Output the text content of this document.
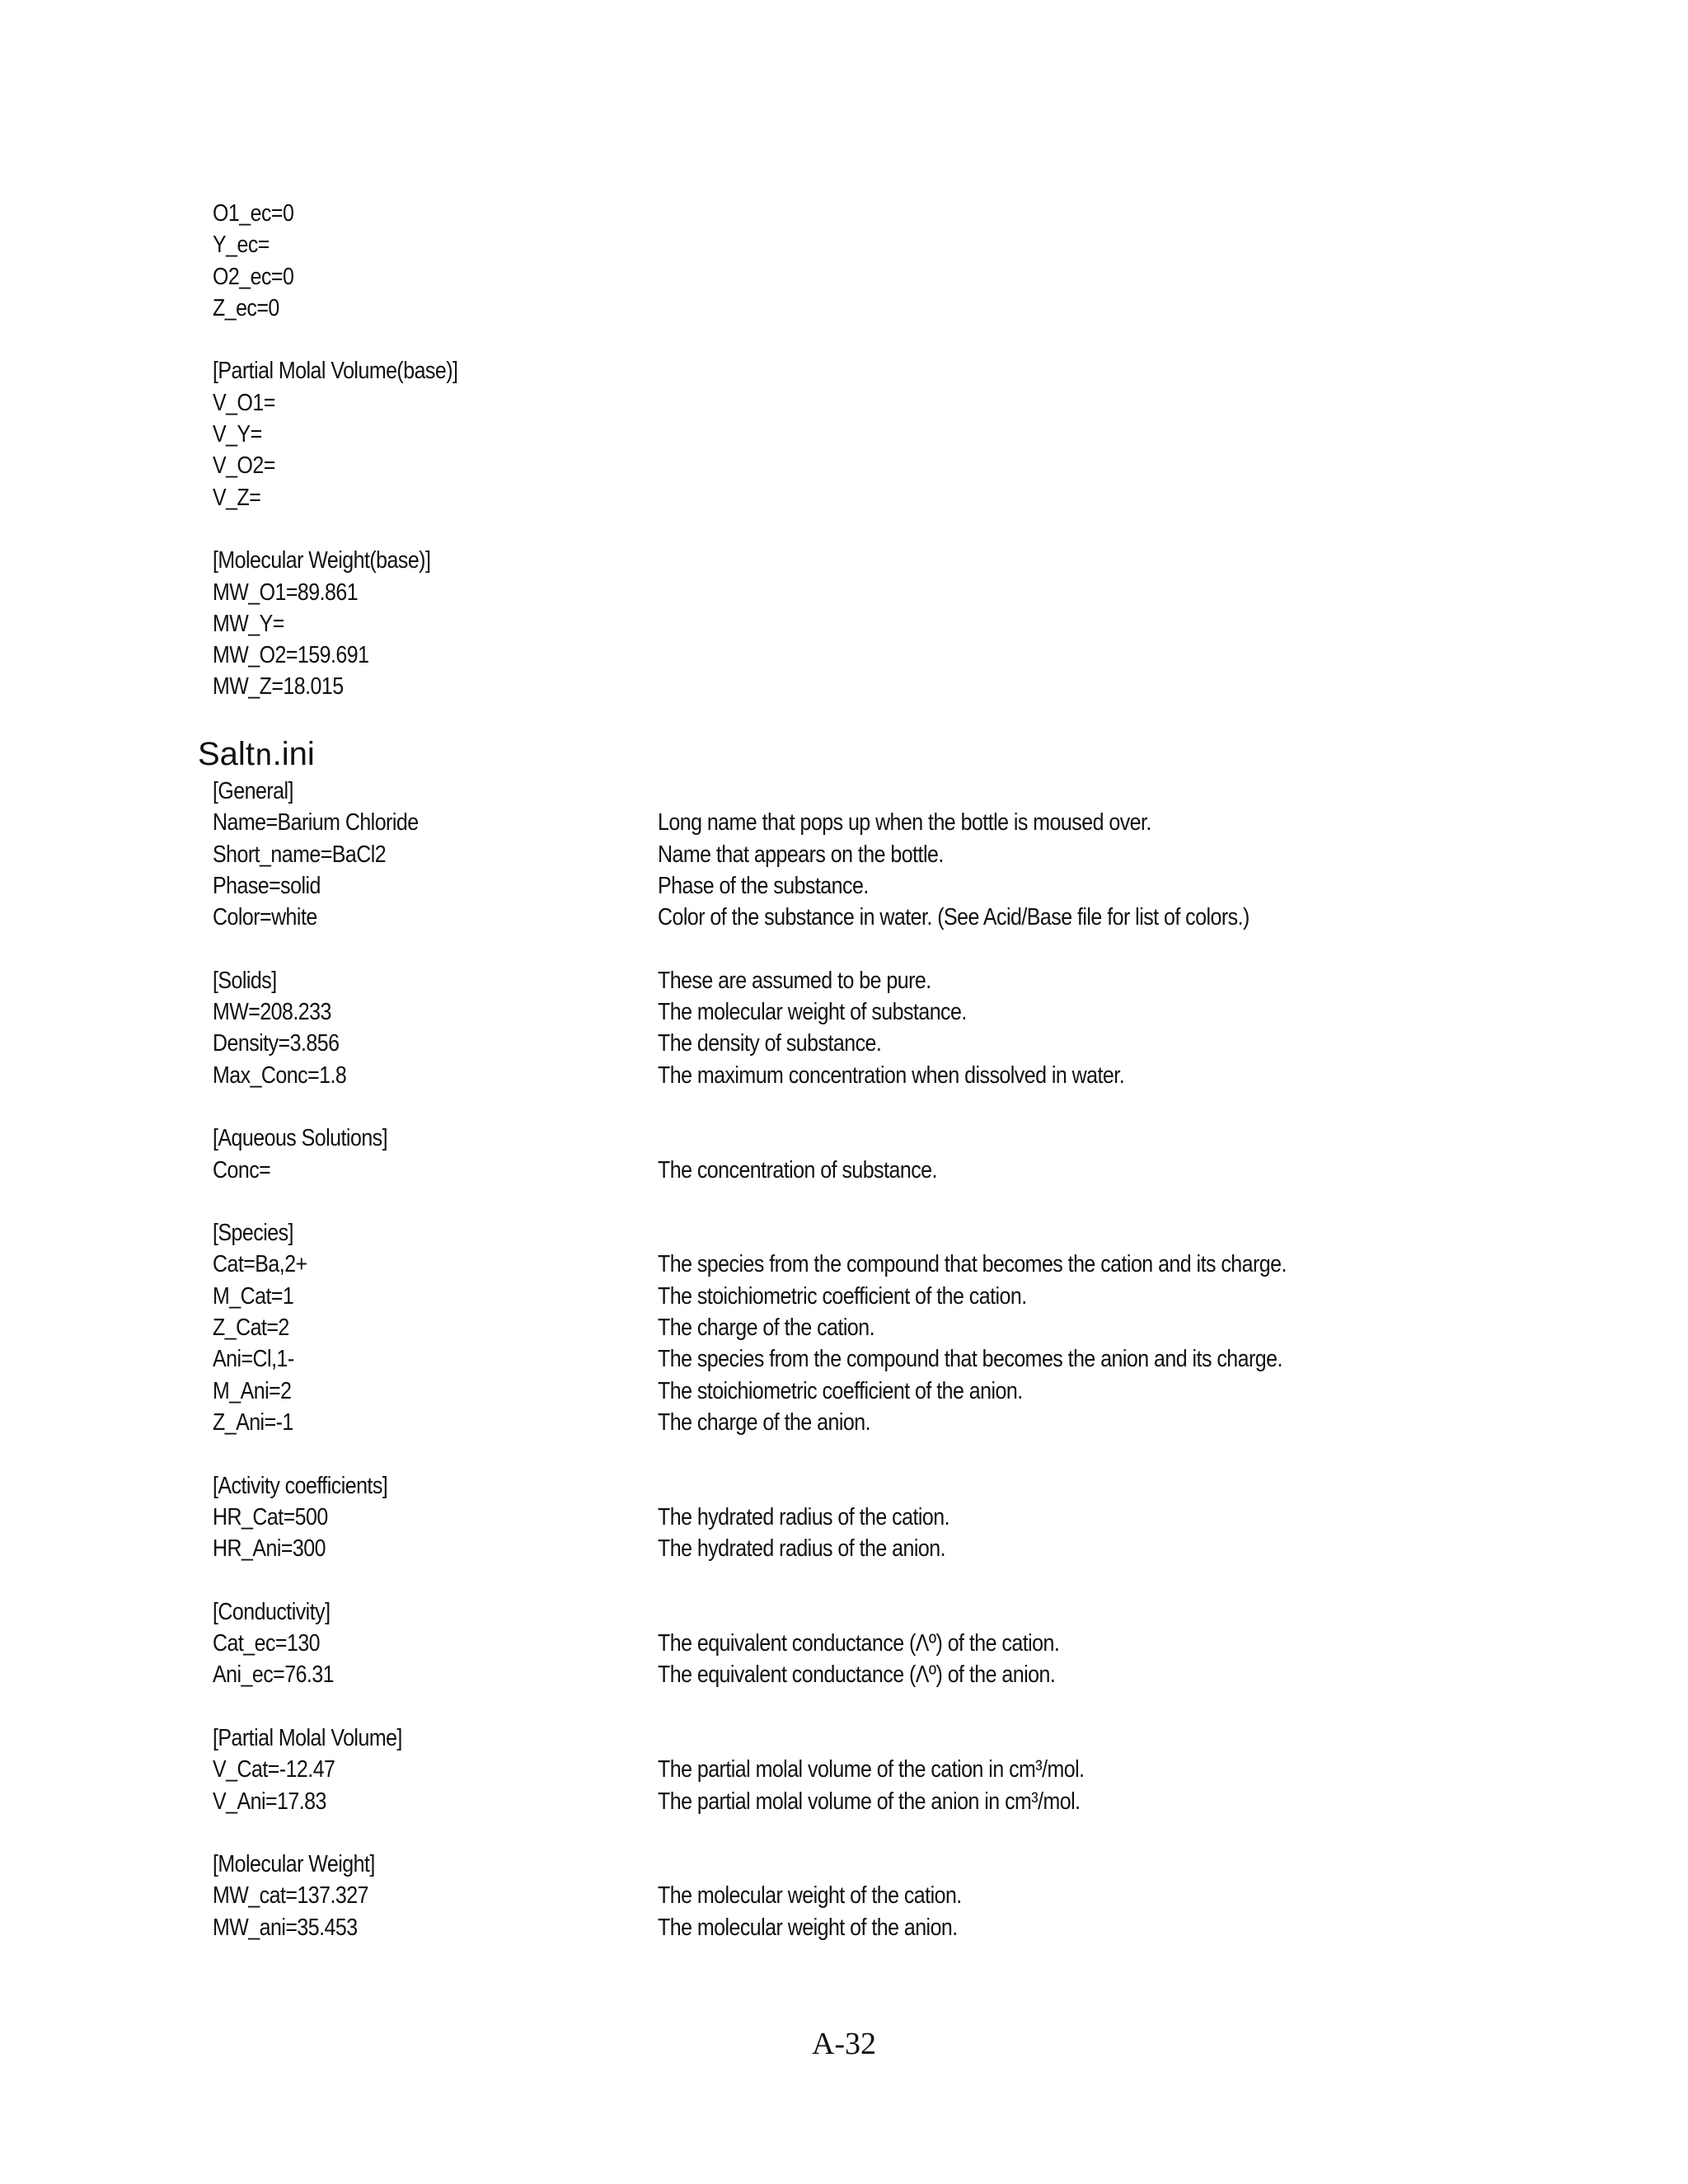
O1_ec=0
Y_ec=
O2_ec=0
Z_ec=0
[Partial Molal Volume(base)]
V_O1=
V_Y=
V_O2=
V_Z=
[Molecular Weight(base)]
MW_O1=89.861
MW_Y=
MW_O2=159.691
MW_Z=18.015
Saltn.ini
[General]
Name=Barium Chloride	Long name that pops up when the bottle is moused over.
Short_name=BaCl2	Name that appears on the bottle.
Phase=solid	Phase of the substance.
Color=white	Color of the substance in water. (See Acid/Base file for list of colors.)
[Solids]	These are assumed to be pure.
MW=208.233	The molecular weight of substance.
Density=3.856	The density of substance.
Max_Conc=1.8	The maximum concentration when dissolved in water.
[Aqueous Solutions]
Conc=	The concentration of substance.
[Species]
Cat=Ba,2+	The species from the compound that becomes the cation and its charge.
M_Cat=1	The stoichiometric coefficient of the cation.
Z_Cat=2	The charge of the cation.
Ani=Cl,1-	The species from the compound that becomes the anion and its charge.
M_Ani=2	The stoichiometric coefficient of the anion.
Z_Ani=-1	The charge of the anion.
[Activity coefficients]
HR_Cat=500	The hydrated radius of the cation.
HR_Ani=300	The hydrated radius of the anion.
[Conductivity]
Cat_ec=130	The equivalent conductance (Λº) of the cation.
Ani_ec=76.31	The equivalent conductance (Λº) of the anion.
[Partial Molal Volume]
V_Cat=-12.47	The partial molal volume of the cation in cm³/mol.
V_Ani=17.83	The partial molal volume of the anion in cm³/mol.
[Molecular Weight]
MW_cat=137.327	The molecular weight of the cation.
MW_ani=35.453	The molecular weight of the anion.
A-32
